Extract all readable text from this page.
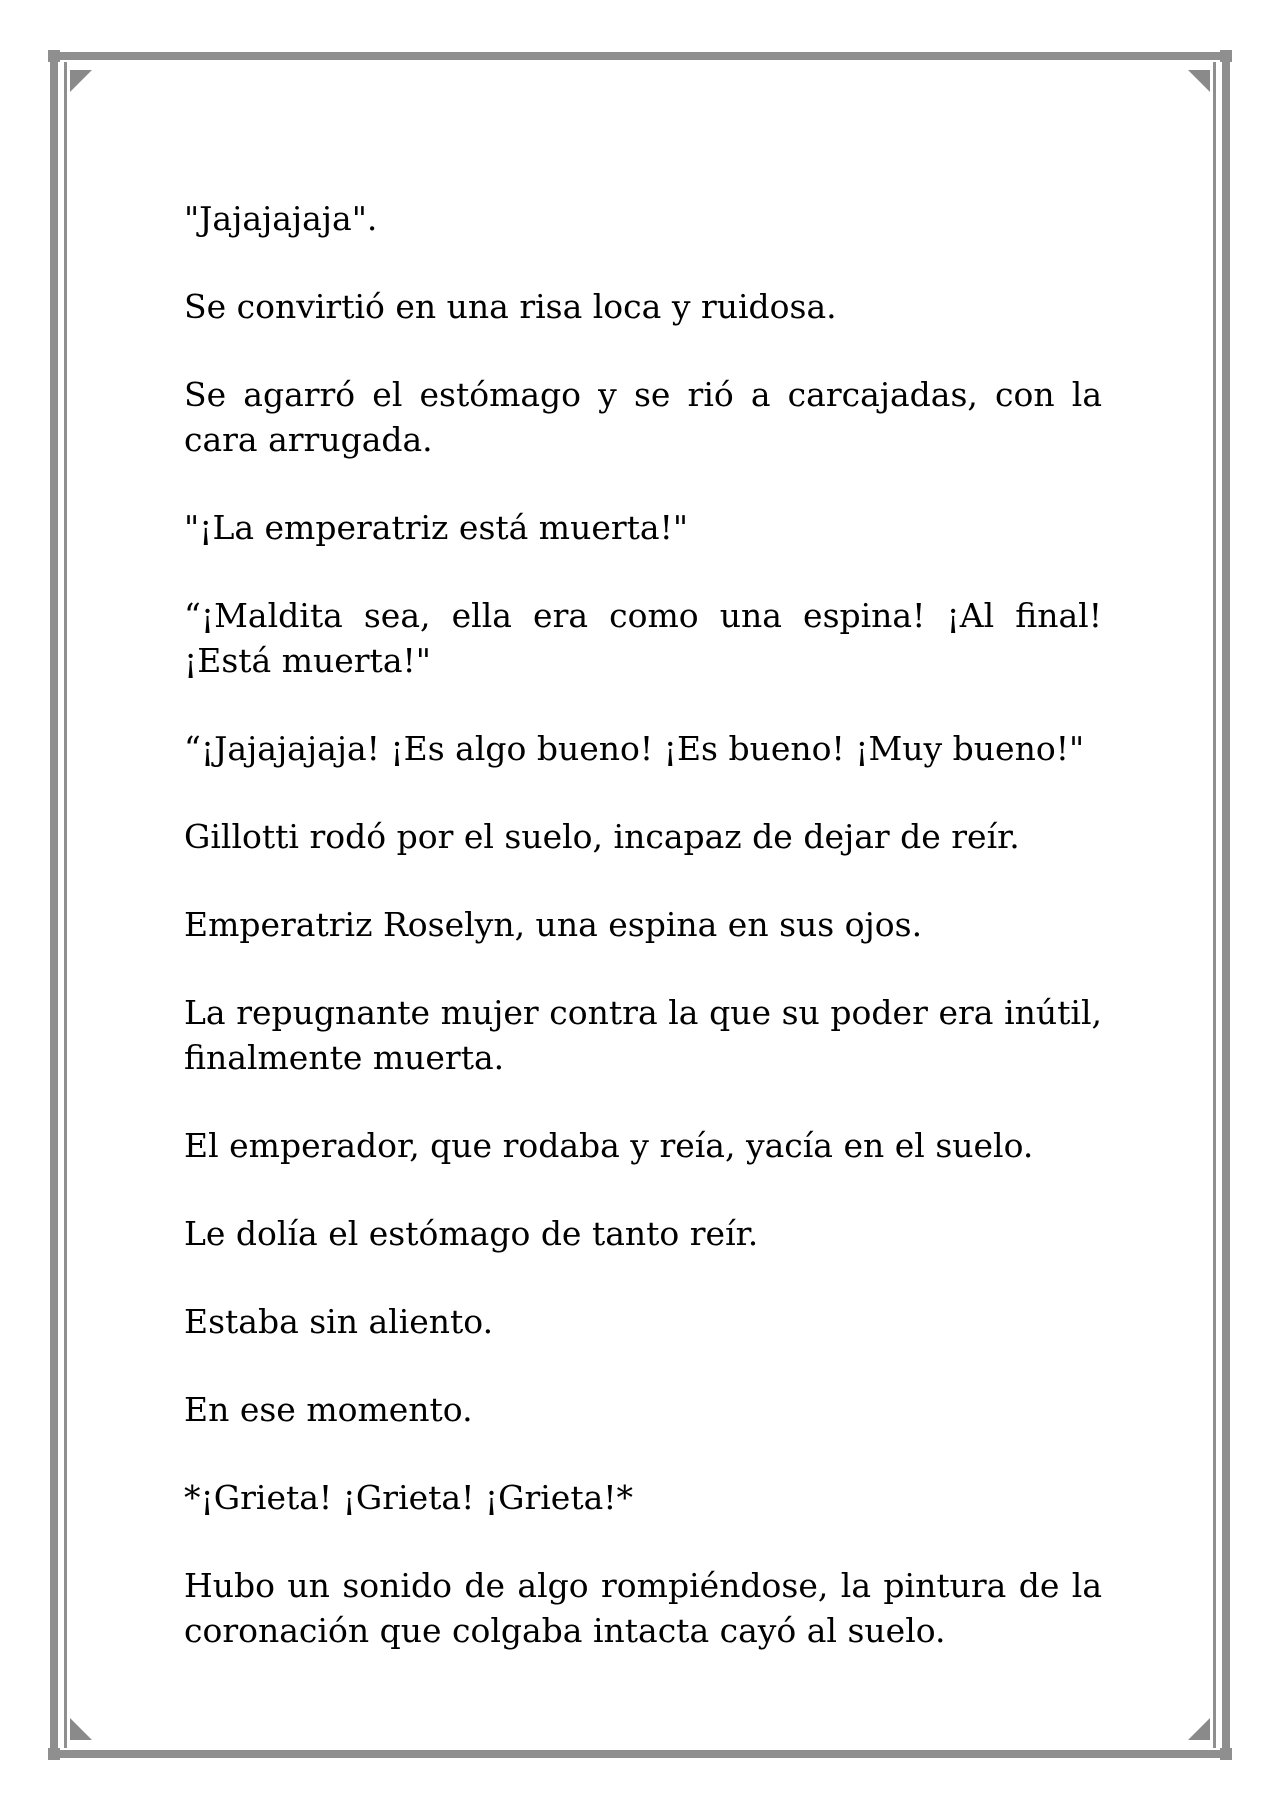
"Jajajajaja".

Se convirtió en una risa loca y ruidosa.

Se agarró el estómago y se rió a carcajadas, con la cara arrugada.

"¡La emperatriz está muerta!"

“¡Maldita sea, ella era como una espina! ¡Al final! ¡Está muerta!"

“¡Jajajajaja! ¡Es algo bueno! ¡Es bueno! ¡Muy bueno!"

Gillotti rodó por el suelo, incapaz de dejar de reír.

Emperatriz Roselyn, una espina en sus ojos.

La repugnante mujer contra la que su poder era inútil, finalmente muerta.

El emperador, que rodaba y reía, yacía en el suelo.

Le dolía el estómago de tanto reír.

Estaba sin aliento.

En ese momento.

*¡Grieta! ¡Grieta! ¡Grieta!*

Hubo un sonido de algo rompiéndose, la pintura de la coronación que colgaba intacta cayó al suelo.
